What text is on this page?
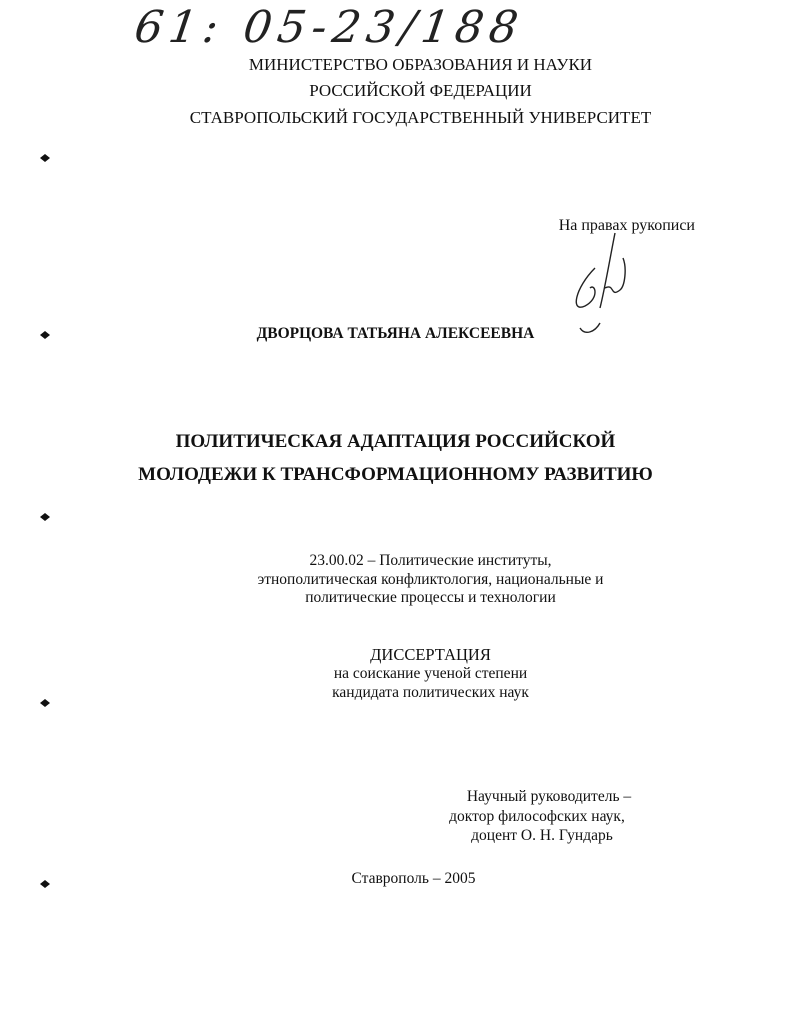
61: 05-23/188
МИНИСТЕРСТВО ОБРАЗОВАНИЯ И НАУКИ
РОССИЙСКОЙ ФЕДЕРАЦИИ
СТАВРОПОЛЬСКИЙ ГОСУДАРСТВЕННЫЙ УНИВЕРСИТЕТ
На правах рукописи
ДВОРЦОВА ТАТЬЯНА АЛЕКСЕЕВНА
ПОЛИТИЧЕСКАЯ АДАПТАЦИЯ РОССИЙСКОЙ
МОЛОДЕЖИ К ТРАНСФОРМАЦИОННОМУ РАЗВИТИЮ
23.00.02 – Политические институты,
этнополитическая конфликтология, национальные и
политические процессы и технологии
ДИССЕРТАЦИЯ
на соискание ученой степени
кандидата политических наук
Научный руководитель –
доктор философских наук,
доцент О. Н. Гундарь
Ставрополь – 2005
